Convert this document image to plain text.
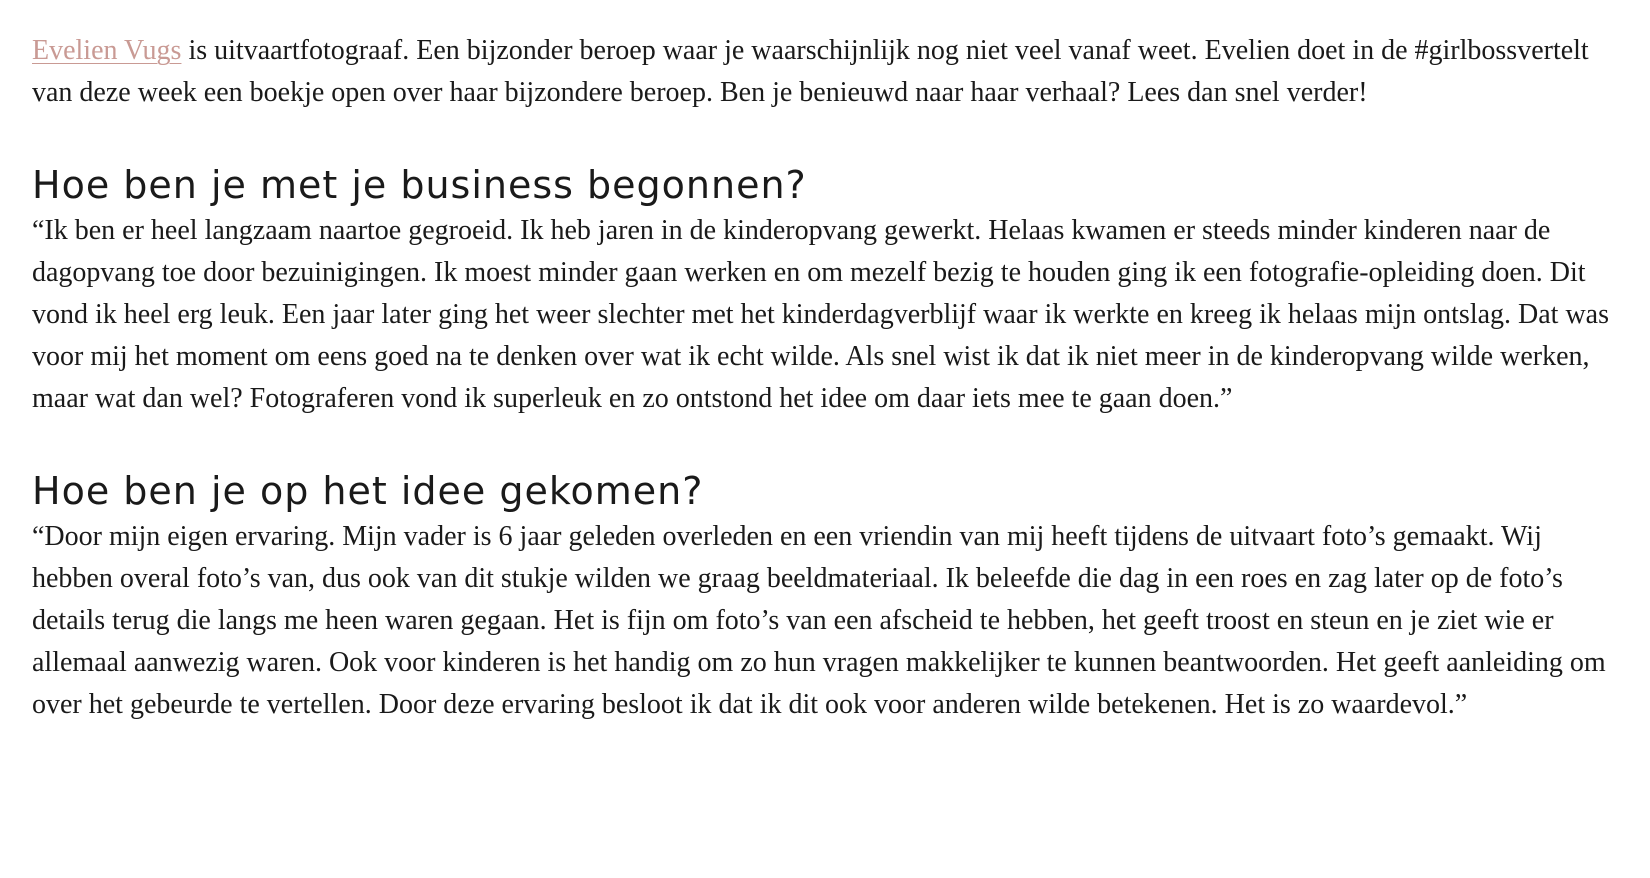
Evelien Vugs is uitvaartfotograaf. Een bijzonder beroep waar je waarschijnlijk nog niet veel vanaf weet. Evelien doet in de #girlbossvertelt van deze week een boekje open over haar bijzondere beroep. Ben je benieuwd naar haar verhaal? Lees dan snel verder!

Hoe ben je met je business begonnen?

“Ik ben er heel langzaam naartoe gegroeid. Ik heb jaren in de kinderopvang gewerkt. Helaas kwamen er steeds minder kinderen naar de dagopvang toe door bezuinigingen. Ik moest minder gaan werken en om mezelf bezig te houden ging ik een fotografie-opleiding doen. Dit vond ik heel erg leuk. Een jaar later ging het weer slechter met het kinderdagverblijf waar ik werkte en kreeg ik helaas mijn ontslag. Dat was voor mij het moment om eens goed na te denken over wat ik echt wilde. Als snel wist ik dat ik niet meer in de kinderopvang wilde werken, maar wat dan wel? Fotograferen vond ik superleuk en zo ontstond het idee om daar iets mee te gaan doen.”

Hoe ben je op het idee gekomen?

“Door mijn eigen ervaring. Mijn vader is 6 jaar geleden overleden en een vriendin van mij heeft tijdens de uitvaart foto’s gemaakt. Wij hebben overal foto’s van, dus ook van dit stukje wilden we graag beeldmateriaal. Ik beleefde die dag in een roes en zag later op de foto’s details terug die langs me heen waren gegaan. Het is fijn om foto’s van een afscheid te hebben, het geeft troost en steun en je ziet wie er allemaal aanwezig waren. Ook voor kinderen is het handig om zo hun vragen makkelijker te kunnen beantwoorden. Het geeft aanleiding om over het gebeurde te vertellen. Door deze ervaring besloot ik dat ik dit ook voor anderen wilde betekenen. Het is zo waardevol.”
